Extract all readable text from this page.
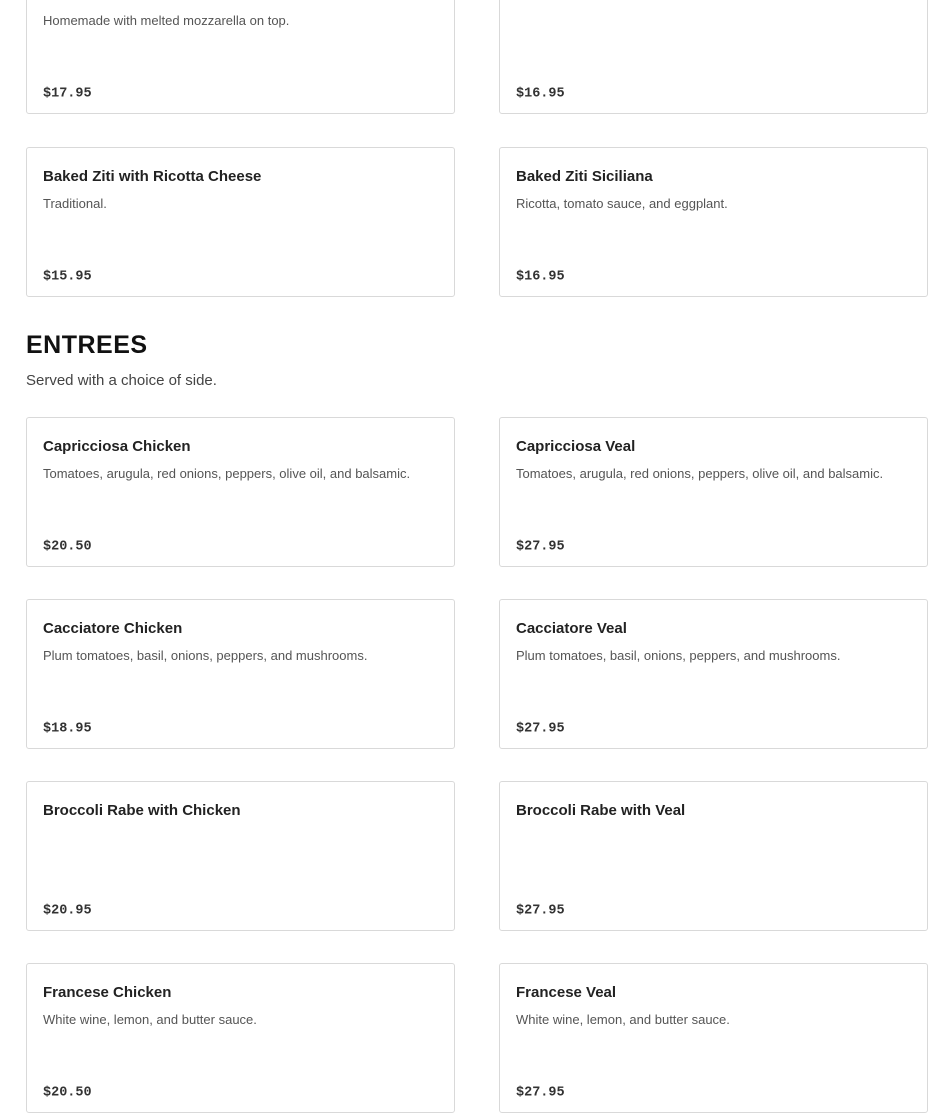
Homemade with melted mozzarella on top.
$17.95	$16.95
Baked Ziti with Ricotta Cheese
Traditional.
$15.95
Baked Ziti Siciliana
Ricotta, tomato sauce, and eggplant.
$16.95
ENTREES

Served with a choice of side.

Capricciosa Chicken
Tomatoes, arugula, red onions, peppers, olive oil, and balsamic.
$20.50
Capricciosa Veal
Tomatoes, arugula, red onions, peppers, olive oil, and balsamic.
$27.95
Cacciatore Chicken
Plum tomatoes, basil, onions, peppers, and mushrooms.
$18.95
Cacciatore Veal
Plum tomatoes, basil, onions, peppers, and mushrooms.
$27.95
Broccoli Rabe with Chicken
$20.95
Broccoli Rabe with Veal
$27.95
Francese Chicken
White wine, lemon, and butter sauce.
$20.50
Francese Veal
White wine, lemon, and butter sauce.
$27.95
